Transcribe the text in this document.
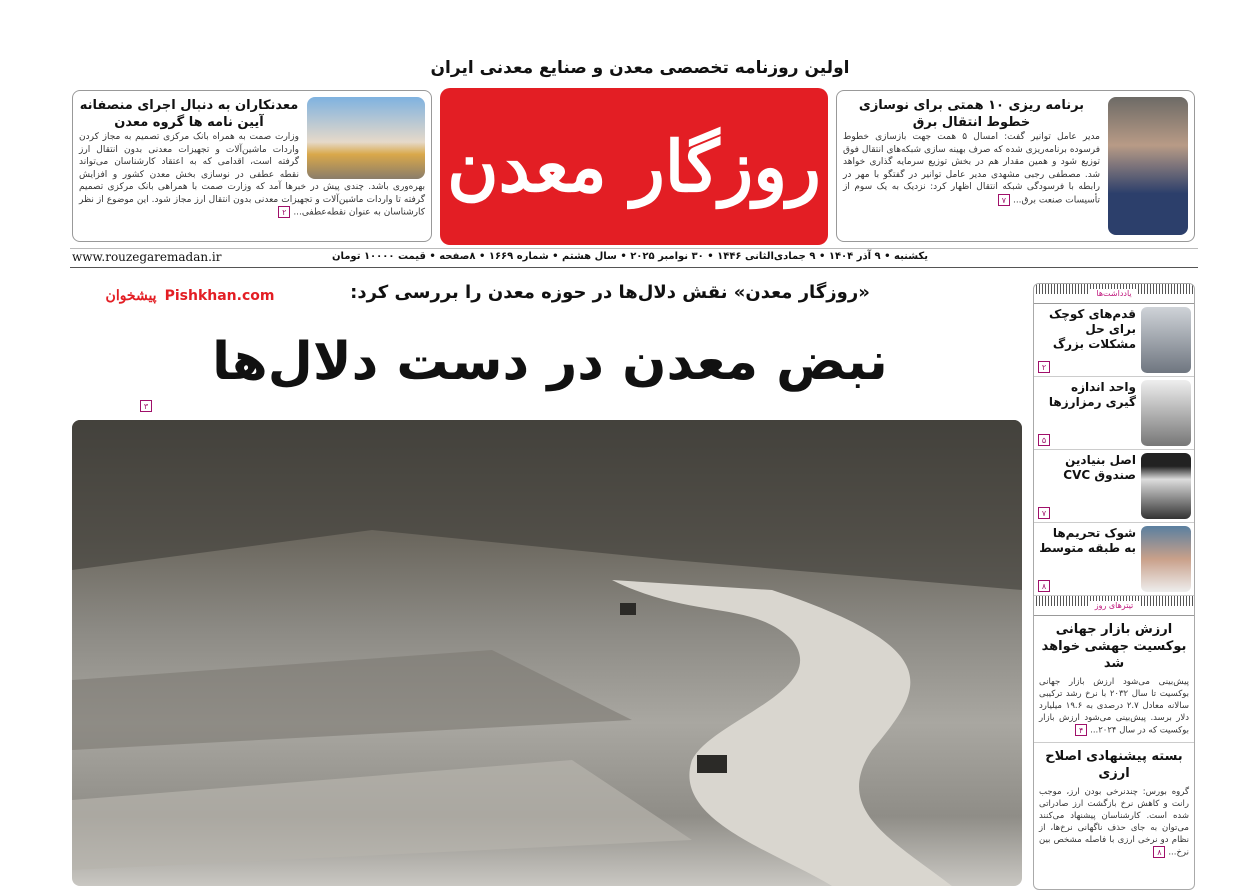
اولین روزنامه تخصصی معدن و صنایع معدنی ایران
معدنکاران به دنبال اجرای منصفانه آیین نامه ها گروه معدن

وزارت صمت به همراه بانک مرکزی تصمیم به مجاز کردن واردات ماشین‌آلات و تجهیزات معدنی بدون انتقال ارز گرفته است، اقدامی که به اعتقاد کارشناسان می‌تواند نقطه عطفی در نوسازی بخش معدن کشور و افزایش بهره‌وری باشد. چندی پیش در خبرها آمد که وزارت صمت با همراهی بانک مرکزی تصمیم گرفته تا واردات ماشین‌آلات و تجهیزات معدنی بدون انتقال ارز مجاز شود. این موضوع از نظر کارشناسان به عنوان نقطه‌عطفی...۲

روزگار معدن
برنامه ریزی ۱۰ همتی برای نوسازی خطوط انتقال برق

مدیر عامل توانیر گفت: امسال ۵ همت جهت بازسازی خطوط فرسوده برنامه‌ریزی شده که صرف بهینه سازی شبکه‌های انتقال فوق توزیع شود و همین مقدار هم در بخش توزیع سرمایه گذاری خواهد شد. مصطفی رجبی مشهدی مدیر عامل توانیر در گفتگو با مهر در رابطه با فرسودگی شبکه انتقال اظهار کرد: نزدیک به یک سوم از تأسیسات صنعت برق...۷

یکشنبه • ۹ آذر ۱۴۰۴ • ۹ جمادی‌الثانی ۱۴۴۶ • ۳۰ نوامبر ۲۰۲۵ • سال هشتم • شماره ۱۶۶۹ • ۸صفحه • قیمت ۱۰۰۰۰ تومان
www.rouzegaremadan.ir
پیشخوان Pishkhan.com	«روزگار معدن» نقش دلال‌ها در حوزه معدن را بررسی کرد:
نبض معدن در دست دلال‌ها
۳
یادداشت‌ها
قدم‌های کوچک برای حل مشکلات بزرگ
۲
واحد اندازه گیری رمزارزها
۵
اصل بنیادین صندوق CVC
۷
شوک تحریم‌ها به طبقه متوسط
۸
تیترهای روز
ارزش بازار جهانی بوکسیت جهشی خواهد شد

پیش‌بینی می‌شود ارزش بازار جهانی بوکسیت تا سال ۲۰۳۲ با نرخ رشد ترکیبی سالانه معادل ۲.۷ درصدی به ۱۹.۶ میلیارد دلار برسد. پیش‌بینی می‌شود ارزش بازار بوکسیت که در سال ۲۰۲۴...۴

بسته پیشنهادی اصلاح ارزی

گروه بورس: چندنرخی بودن ارز، موجب رانت و کاهش نرخ بازگشت ارز صادراتی شده است. کارشناسان پیشنهاد می‌کنند می‌توان به جای حذف ناگهانی نرخ‌ها، از نظام دو نرخی ارزی با فاصله مشخص بین نرخ...۸
